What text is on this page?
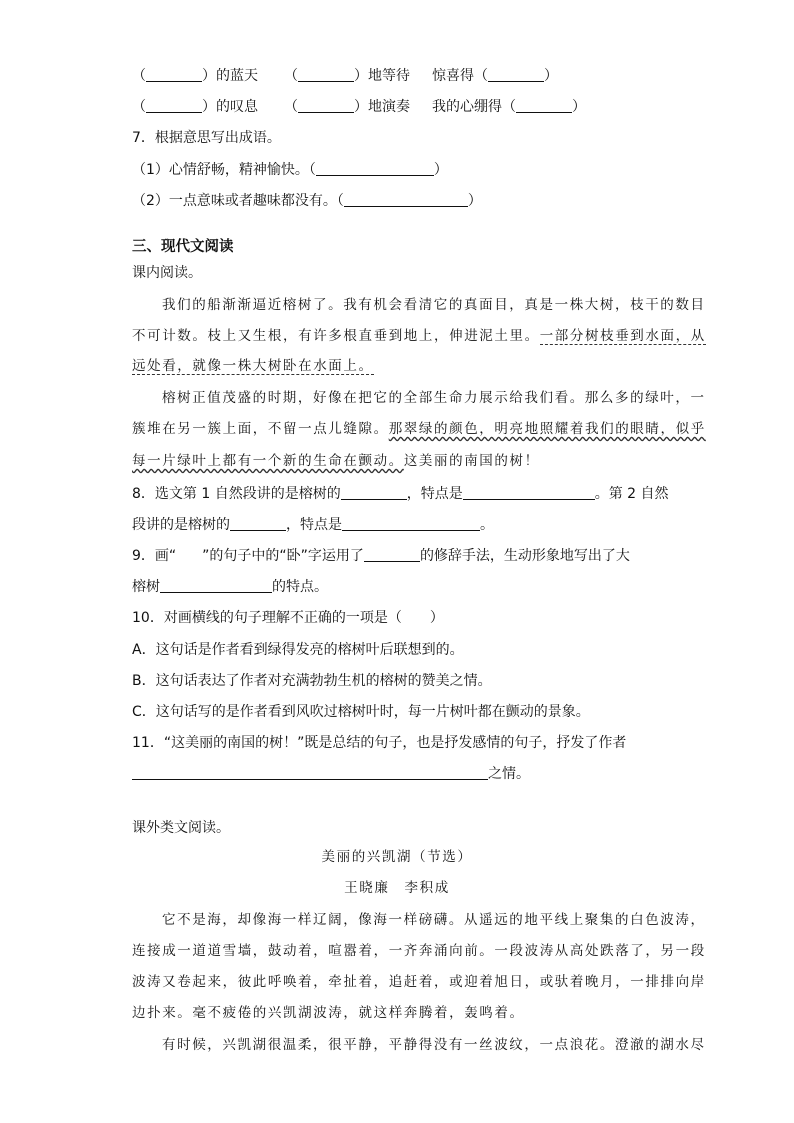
（	）的蓝天 （	）地等待 惊喜得（	）
（	）的叹息 （	）地演奏 我的心绷得（	）
7．根据意思写出成语。
（1）心情舒畅，精神愉快。（	）
（2）一点意味或者趣味都没有。（	）
三、现代文阅读
课内阅读。
我们的船渐渐逼近榕树了。我有机会看清它的真面目，真是一株大树，枝干的数目
不可计数。枝上又生根，有许多根直垂到地上，伸进泥土里。一部分树枝垂到水面，从
远处看，就像一株大树卧在水面上。
榕树正值茂盛的时期，好像在把它的全部生命力展示给我们看。那么多的绿叶，一
簇堆在另一簇上面，不留一点儿缝隙。那翠绿的颜色，明亮地照耀着我们的眼睛，似乎
每一片绿叶上都有一个新的生命在颤动。这美丽的南国的树！
8．选文第 1 自然段讲的是榕树的	，特点是	。第 2 自然
段讲的是榕树的	，特点是	。
9．画“ ”的句子中的“卧”字运用了	的修辞手法，生动形象地写出了大
榕树	的特点。
10．对画横线的句子理解不正确的一项是（　　）
A．这句话是作者看到绿得发亮的榕树叶后联想到的。
B．这句话表达了作者对充满勃勃生机的榕树的赞美之情。
C．这句话写的是作者看到风吹过榕树叶时，每一片树叶都在颤动的景象。
11．“这美丽的南国的树！”既是总结的句子，也是抒发感情的句子，抒发了作者
之情。
课外类文阅读。
美丽的兴凯湖（节选）
王晓廉　李积成
它不是海，却像海一样辽阔，像海一样磅礴。从遥远的地平线上聚集的白色波涛，
连接成一道道雪墙，鼓动着，喧嚣着，一齐奔涌向前。一段波涛从高处跌落了，另一段
波涛又卷起来，彼此呼唤着，牵扯着，追赶着，或迎着旭日，或驮着晚月，一排排向岸
边扑来。毫不疲倦的兴凯湖波涛，就这样奔腾着，轰鸣着。
有时候，兴凯湖很温柔，很平静，平静得没有一丝波纹，一点浪花。澄澈的湖水尽
